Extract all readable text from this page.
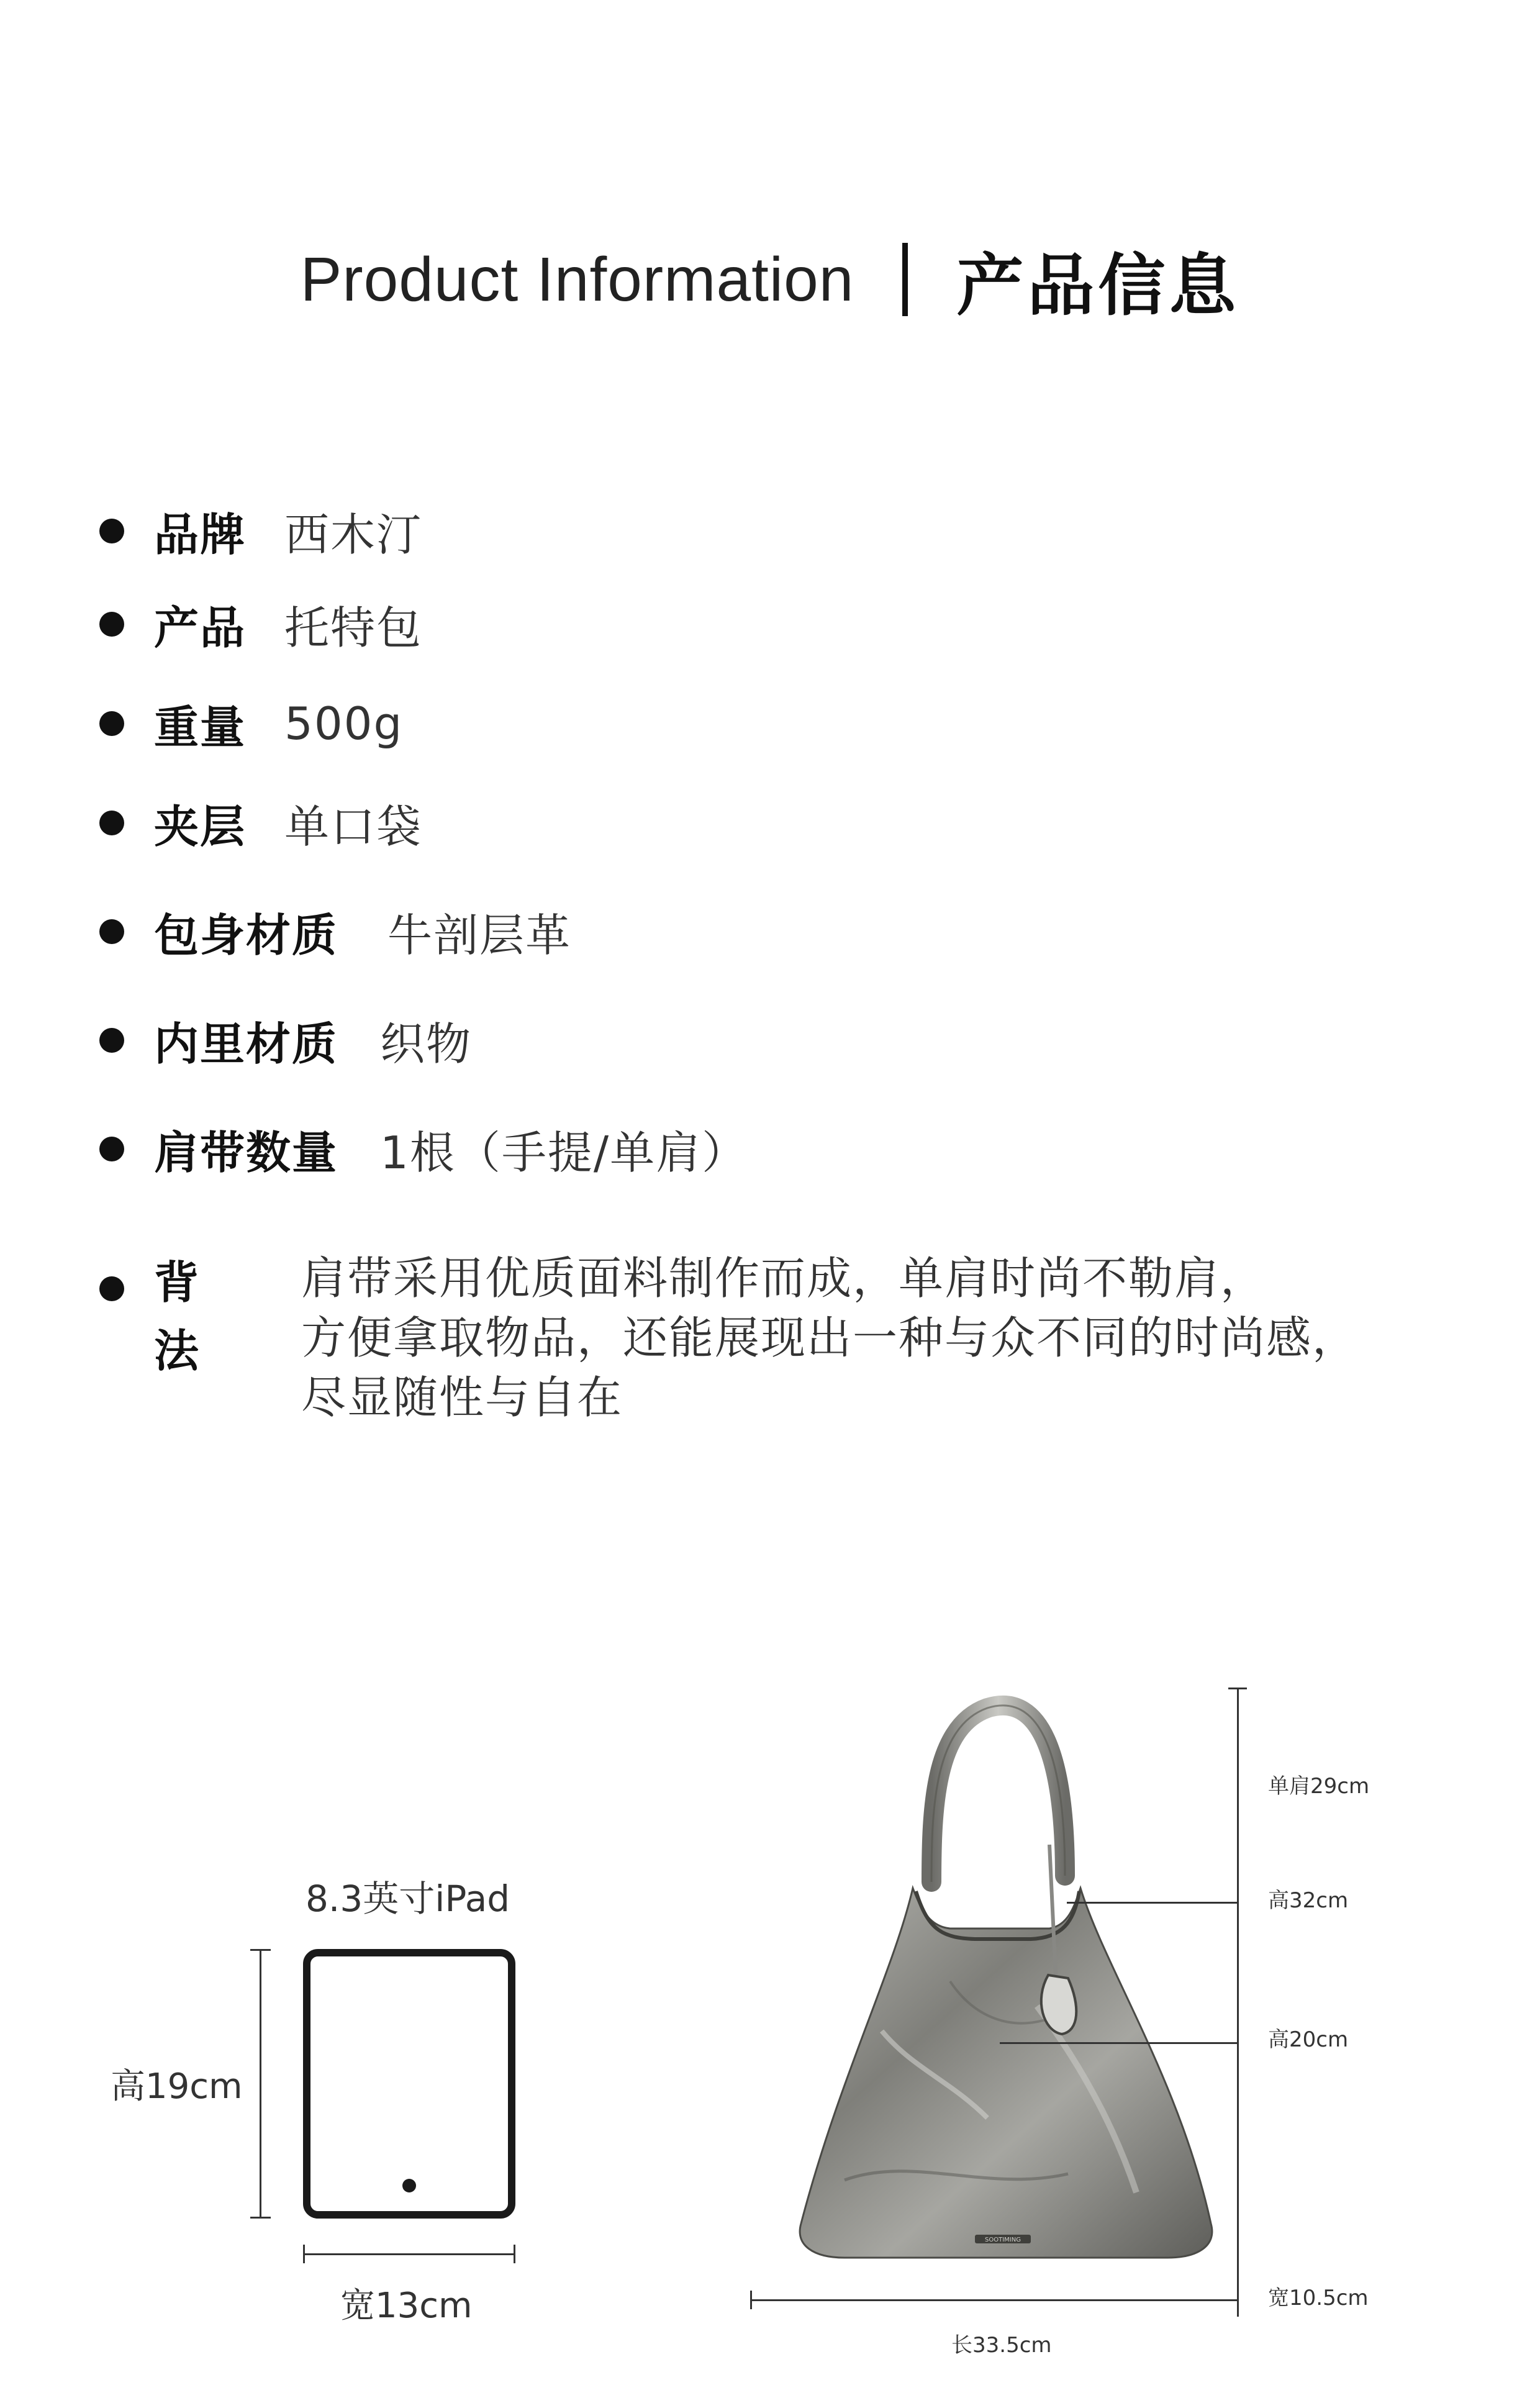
Product Information 产品信息
品牌 西木汀
产品 托特包
重量 500g
夹层 单口袋
包身材质 牛剖层革
内里材质 织物
肩带数量 1根（手提/单肩）
背法
肩带采用优质面料制作而成，单肩时尚不勒肩，
方便拿取物品，还能展现出一种与众不同的时尚感，
尽显随性与自在
8.3英寸iPad
高19cm
宽13cm
SOOTIMING
单肩29cm
高32cm
高20cm
宽10.5cm
长33.5cm
